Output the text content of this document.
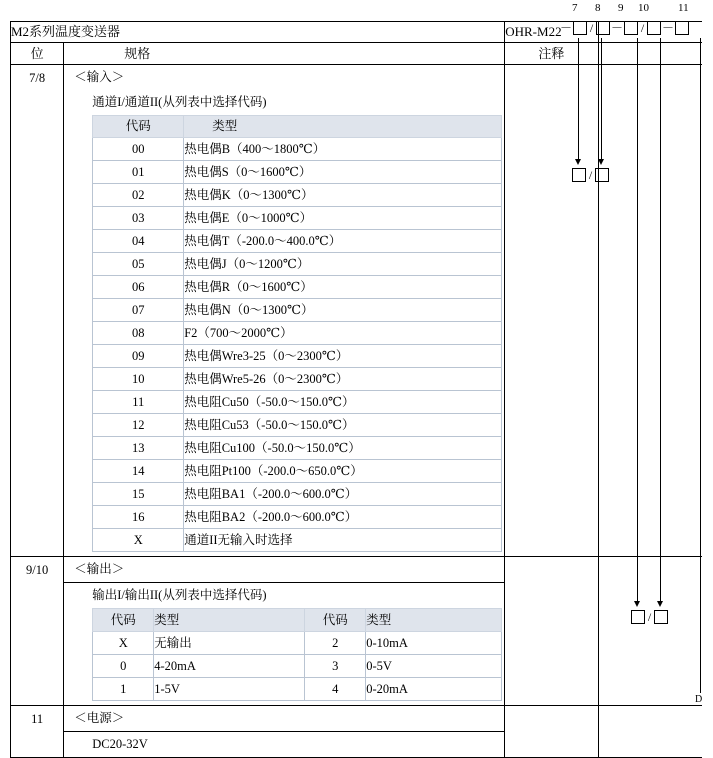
7 8 9 10	11
－ / － / －
M2系列温度变送器	OHR-M22	
位	规格	注释	
7/8	＜输入＞
通道I/通道II(从列表中选择代码)
代码	类型
00	热电偶B（400～1800℃）
01	热电偶S（0～1600℃）
02	热电偶K（0～1300℃）
03	热电偶E（0～1000℃）
04	热电偶T（-200.0～400.0℃）
05	热电偶J（0～1200℃）
06	热电偶R（0～1600℃）
07	热电偶N（0～1300℃）
08	F2（700～2000℃）
09	热电偶Wre3-25（0～2300℃）
10	热电偶Wre5-26（0～2300℃）
11	热电阻Cu50（-50.0～150.0℃）
12	热电阻Cu53（-50.0～150.0℃）
13	热电阻Cu100（-50.0～150.0℃）
14	热电阻Pt100（-200.0～650.0℃）
15	热电阻BA1（-200.0～600.0℃）
16	热电阻BA2（-200.0～600.0℃）
X	通道II无输入时选择

9/10	＜输出＞
输出I/输出II(从列表中选择代码)
代码	类型	代码	类型
X	无输出	2	0-10mA
0	4-20mA	3	0-5V
1	1-5V	4	0-20mA

11	＜电源＞
DC20-32V

/
/
D
